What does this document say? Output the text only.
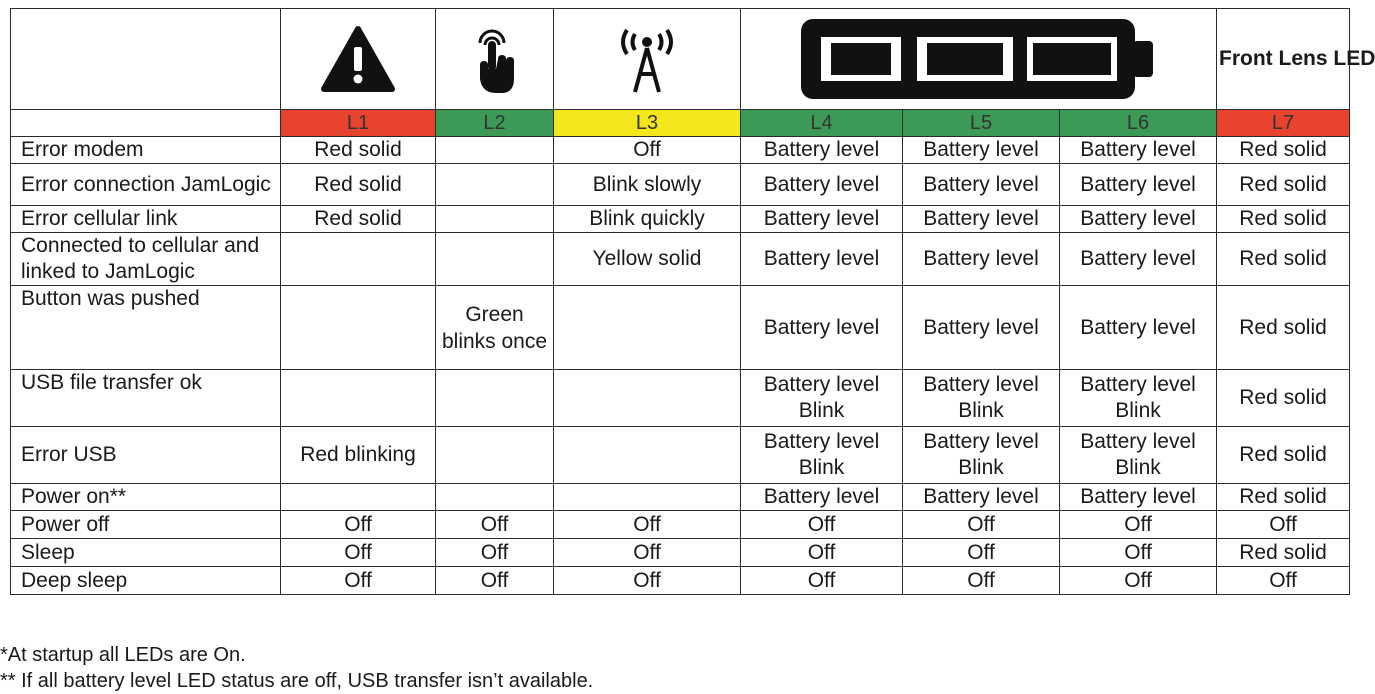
	Front Lens LED
	L1	L2	L3	L4	L5	L6	L7
Error modem	Red solid		Off	Battery level	Battery level	Battery level	Red solid
Error connection JamLogic	Red solid		Blink slowly	Battery level	Battery level	Battery level	Red solid
Error cellular link	Red solid		Blink quickly	Battery level	Battery level	Battery level	Red solid
Connected to cellular and linked to JamLogic			Yellow solid	Battery level	Battery level	Battery level	Red solid
Button was pushed		Green blinks once		Battery level	Battery level	Battery level	Red solid
USB file transfer ok				Battery level Blink	Battery level Blink	Battery level Blink	Red solid
Error USB	Red blinking			Battery level Blink	Battery level Blink	Battery level Blink	Red solid
Power on**				Battery level	Battery level	Battery level	Red solid
Power off	Off	Off	Off	Off	Off	Off	Off
Sleep	Off	Off	Off	Off	Off	Off	Red solid
Deep sleep	Off	Off	Off	Off	Off	Off	Off

*At startup all LEDs are On.

** If all battery level LED status are off, USB transfer isn’t available.
